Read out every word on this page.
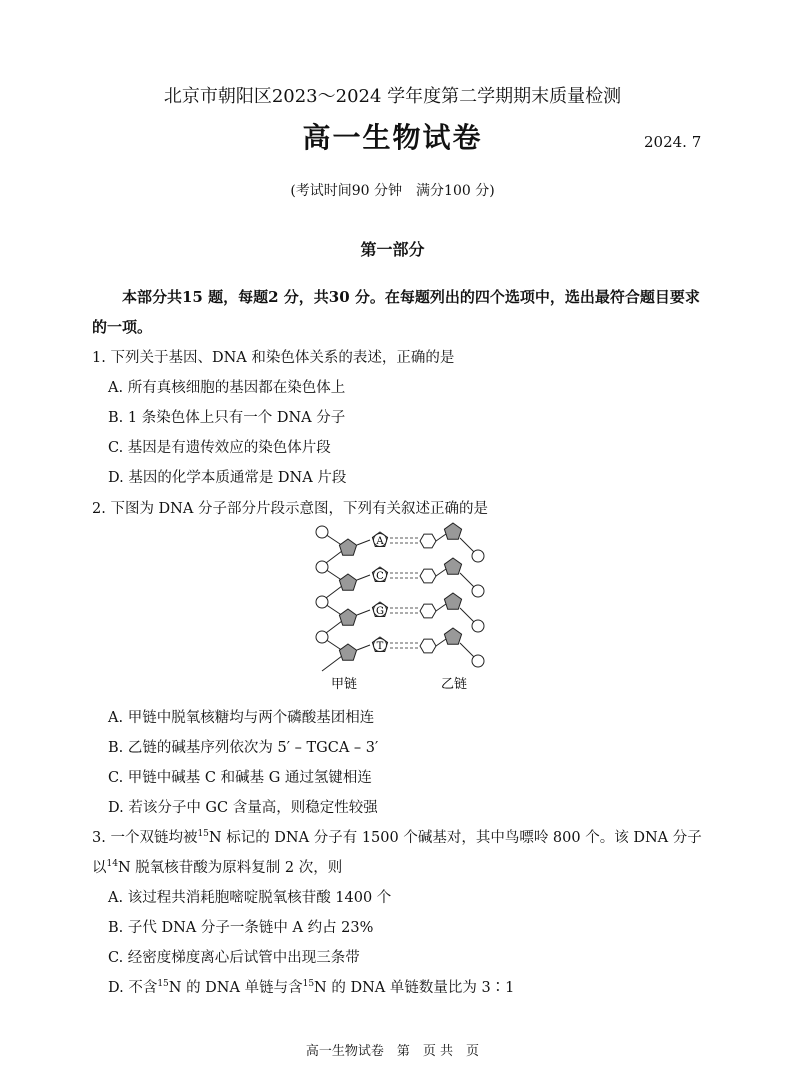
北京市朝阳区2023～2024 学年度第二学期期末质量检测
高一生物试卷	2024. 7
(考试时间90 分钟　满分100 分)
第一部分
本部分共15 题，每题2 分，共30 分。在每题列出的四个选项中，选出最符合题目要求的一项。
1. 下列关于基因、DNA 和染色体关系的表述，正确的是
A. 所有真核细胞的基因都在染色体上
B. 1 条染色体上只有一个 DNA 分子
C. 基因是有遗传效应的染色体片段
D. 基因的化学本质通常是 DNA 片段
2. 下图为 DNA 分子部分片段示意图，下列有关叙述正确的是
A
C
G
T
甲链	乙链
A. 甲链中脱氧核糖均与两个磷酸基团相连
B. 乙链的碱基序列依次为 5′ – TGCA – 3′
C. 甲链中碱基 C 和碱基 G 通过氢键相连
D. 若该分子中 GC 含量高，则稳定性较强
3. 一个双链均被$^{15}$N 标记的 DNA 分子有 1500 个碱基对，其中鸟嘌呤 800 个。该 DNA 分子
以$^{14}$N 脱氧核苷酸为原料复制 2 次，则
A. 该过程共消耗胞嘧啶脱氧核苷酸 1400 个
B. 子代 DNA 分子一条链中 A 约占 23%
C. 经密度梯度离心后试管中出现三条带
D. 不含$^{15}$N 的 DNA 单链与含$^{15}$N 的 DNA 单链数量比为 3∶1
高一生物试卷　第　页 共　页
